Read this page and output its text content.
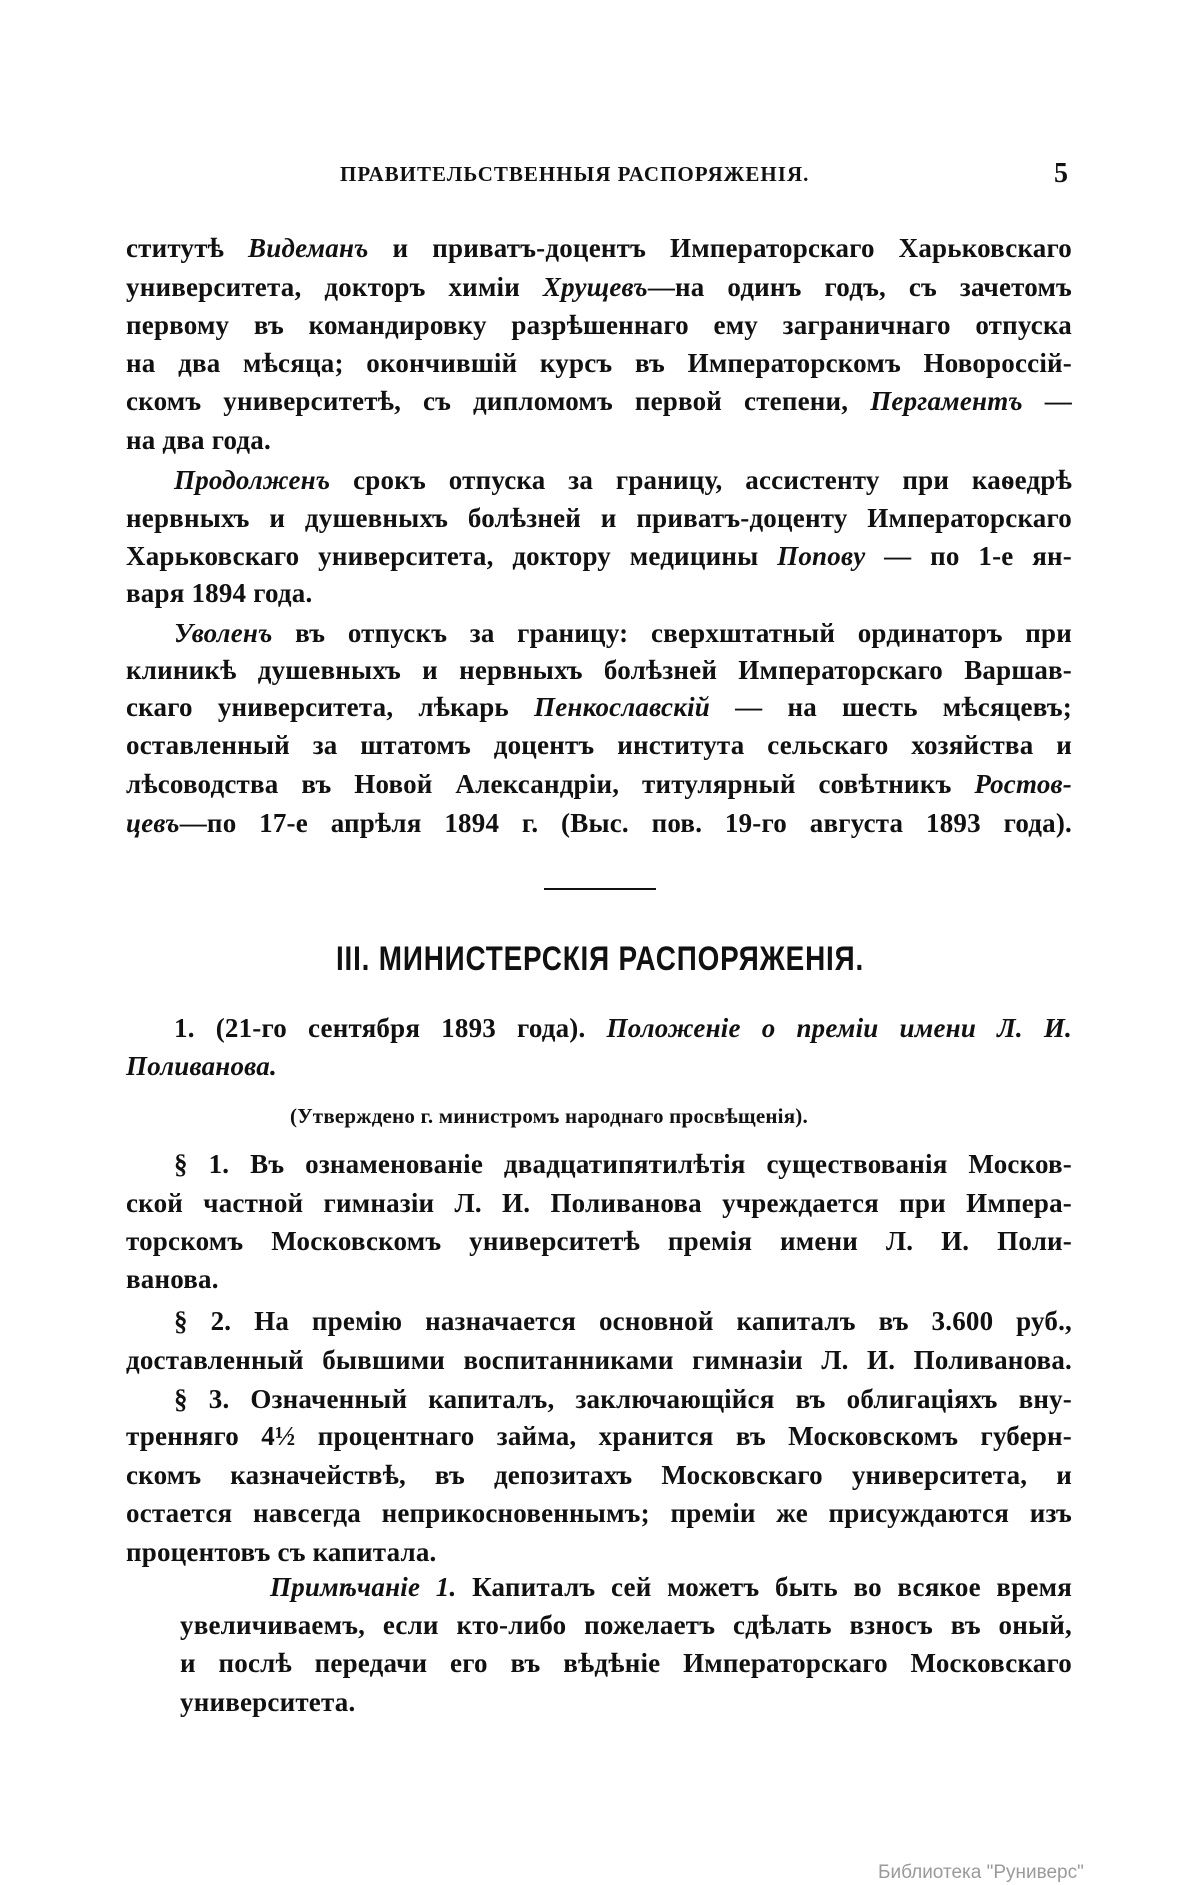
ПРАВИТЕЛЬСТВЕННЫЯ РАСПОРЯЖЕНІЯ.	5
ститутѣ Видеманъ и приватъ-доцентъ Императорскаго Харьковскаго
университета, докторъ химіи Хрущевъ—на одинъ годъ, съ зачетомъ
первому въ командировку разрѣшеннаго ему заграничнаго отпуска
на два мѣсяца; окончившій курсъ въ Императорскомъ Новороссій-
скомъ университетѣ, съ дипломомъ первой степени, Пергаментъ —
на два года.
Продолженъ срокъ отпуска за границу, ассистенту при каѳедрѣ
нервныхъ и душевныхъ болѣзней и приватъ-доценту Императорскаго
Харьковскаго университета, доктору медицины Попову — по 1-е ян-
варя 1894 года.
Уволенъ въ отпускъ за границу: сверхштатный ординаторъ при
клиникѣ душевныхъ и нервныхъ болѣзней Императорскаго Варшав-
скаго университета, лѣкарь Пенкославскій — на шесть мѣсяцевъ;
оставленный за штатомъ доцентъ института сельскаго хозяйства и
лѣсоводства въ Новой Александріи, титулярный совѣтникъ Ростов-
цевъ—по 17-е апрѣля 1894 г. (Выс. пов. 19-го августа 1893 года).
1. (21-го сентября 1893 года). Положеніе о преміи имени Л. И.
Поливанова.
(Утверждено г. министромъ народнаго просвѣщенія).
§ 1. Въ ознаменованіе двадцатипятилѣтія существованія Москов-
ской частной гимназіи Л. И. Поливанова учреждается при Импера-
торскомъ Московскомъ университетѣ премія имени Л. И. Поли-
ванова.
§ 2. На премію назначается основной капиталъ въ 3.600 руб.,
доставленный бывшими воспитанниками гимназіи Л. И. Поливанова.
§ 3. Означенный капиталъ, заключающійся въ облигаціяхъ вну-
тренняго 4½ процентнаго займа, хранится въ Московскомъ губерн-
скомъ казначействѣ, въ депозитахъ Московскаго университета, и
остается навсегда неприкосновеннымъ; преміи же присуждаются изъ
процентовъ съ капитала.
Примѣчаніе 1. Капиталъ сей можетъ быть во всякое время
увеличиваемъ, если кто-либо пожелаетъ сдѣлать взносъ въ оный,
и послѣ передачи его въ вѣдѣніе Императорскаго Московскаго
университета.
III. МИНИСТЕРСКІЯ РАСПОРЯЖЕНІЯ.
Библиотека "Руниверс"
